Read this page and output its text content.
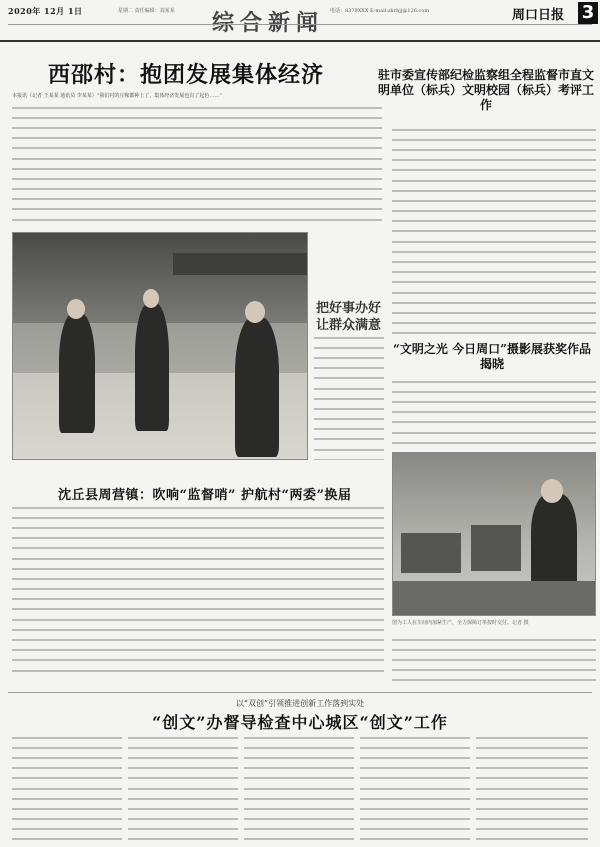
2020年 12月 1日	星期二 责任编辑：刘某某 综合新闻 电话：8379XXX E-mail:zkrbjj@126.com	周口日报 3
西邵村：抱团发展集体经济
本报讯（记者 王某某 通讯员 李某某）“我们村的庄稼都种上了，集体经济发展也有了起色……”
把好事办好
让群众满意
沈丘县周营镇：吹响“监督哨” 护航村“两委”换届
驻市委宣传部纪检监察组全程监督市直文明单位（标兵）文明校园（标兵）考评工作
“文明之光 今日周口”摄影展获奖作品揭晓
图为工人在车间内加紧生产，全力保障订单按时交付。记者 摄
以“双创”引领推进创新工作落到实处
“创文”办督导检查中心城区“创文”工作
